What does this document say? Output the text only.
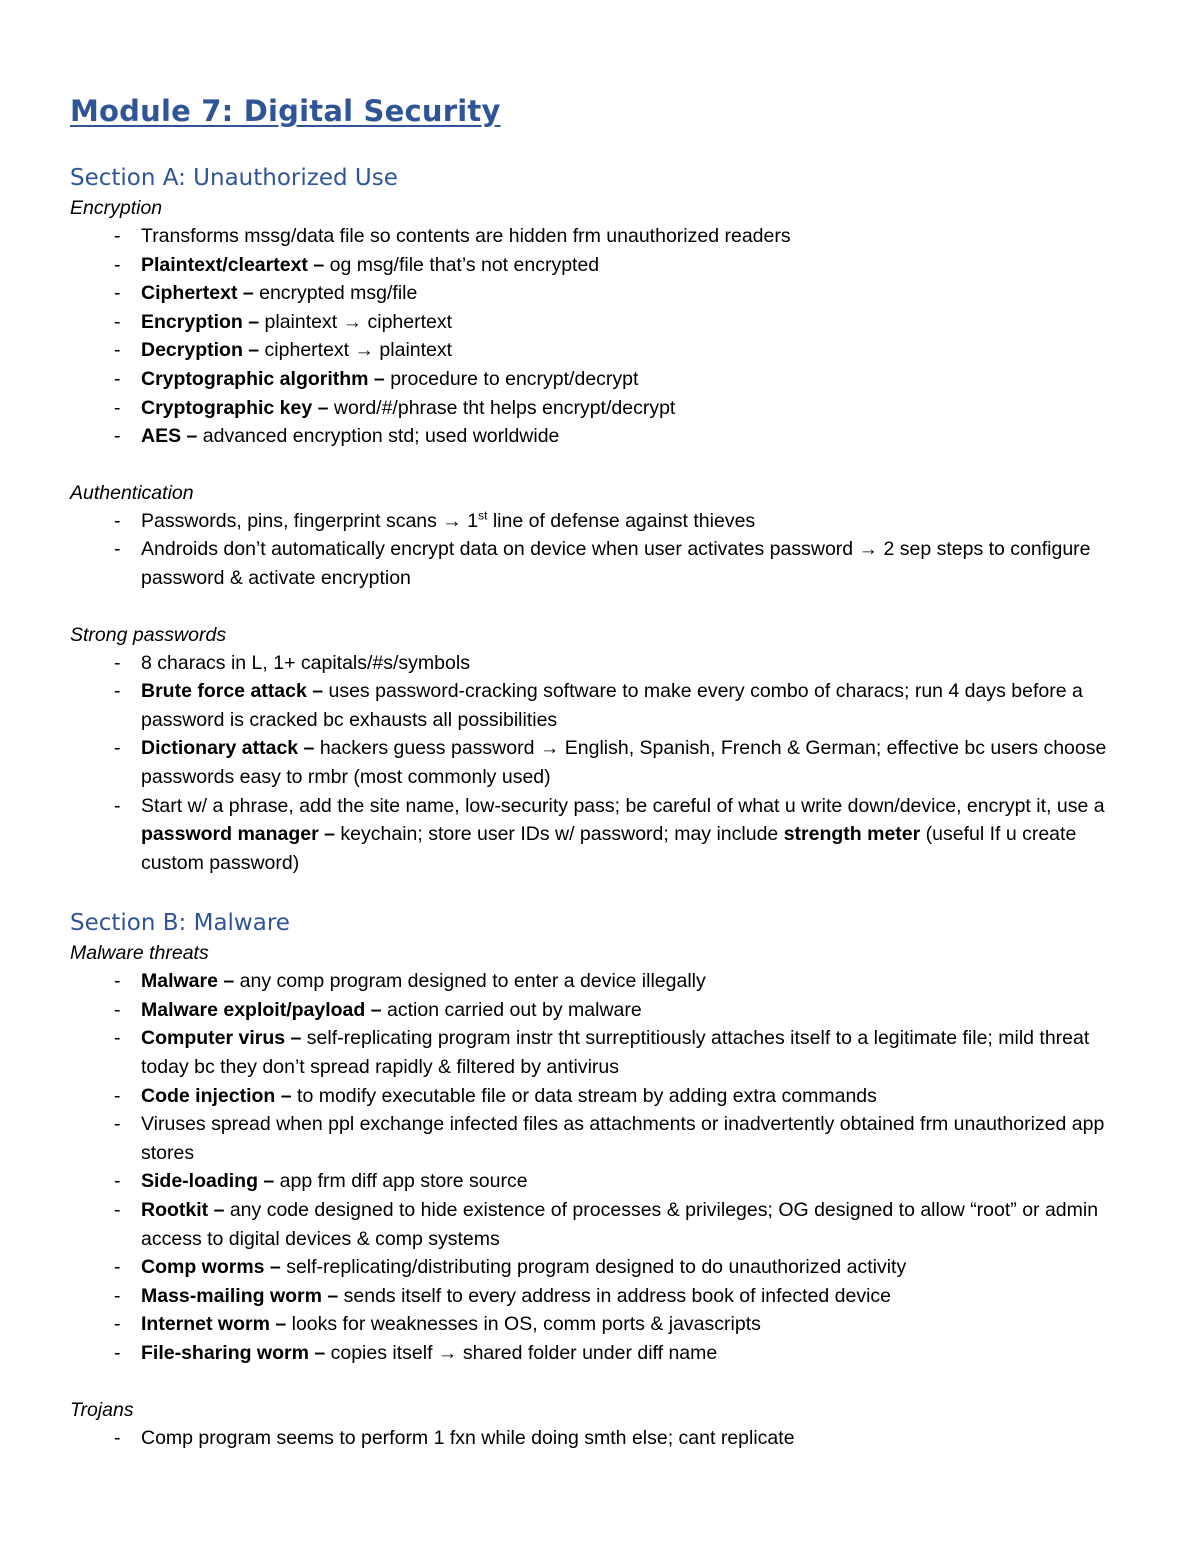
Module 7: Digital Security
Section A: Unauthorized Use
Encryption
- Transforms mssg/data file so contents are hidden frm unauthorized readers
- Plaintext/cleartext – og msg/file that’s not encrypted
- Ciphertext – encrypted msg/file
- Encryption – plaintext → ciphertext
- Decryption – ciphertext → plaintext
- Cryptographic algorithm – procedure to encrypt/decrypt
- Cryptographic key – word/#/phrase tht helps encrypt/decrypt
- AES – advanced encryption std; used worldwide
Authentication
- Passwords, pins, fingerprint scans → 1st line of defense against thieves
- Androids don’t automatically encrypt data on device when user activates password → 2 sep steps to configure password & activate encryption
Strong passwords
- 8 characs in L, 1+ capitals/#s/symbols
- Brute force attack – uses password-cracking software to make every combo of characs; run 4 days before a password is cracked bc exhausts all possibilities
- Dictionary attack – hackers guess password → English, Spanish, French & German; effective bc users choose passwords easy to rmbr (most commonly used)
- Start w/ a phrase, add the site name, low-security pass; be careful of what u write down/device, encrypt it, use a password manager – keychain; store user IDs w/ password; may include strength meter (useful If u create custom password)
Section B: Malware
Malware threats
- Malware – any comp program designed to enter a device illegally
- Malware exploit/payload – action carried out by malware
- Computer virus – self-replicating program instr tht surreptitiously attaches itself to a legitimate file; mild threat today bc they don’t spread rapidly & filtered by antivirus
- Code injection – to modify executable file or data stream by adding extra commands
- Viruses spread when ppl exchange infected files as attachments or inadvertently obtained frm unauthorized app stores
- Side-loading – app frm diff app store source
- Rootkit – any code designed to hide existence of processes & privileges; OG designed to allow “root” or admin access to digital devices & comp systems
- Comp worms – self-replicating/distributing program designed to do unauthorized activity
- Mass-mailing worm – sends itself to every address in address book of infected device
- Internet worm – looks for weaknesses in OS, comm ports & javascripts
- File-sharing worm – copies itself → shared folder under diff name
Trojans
- Comp program seems to perform 1 fxn while doing smth else; cant replicate
